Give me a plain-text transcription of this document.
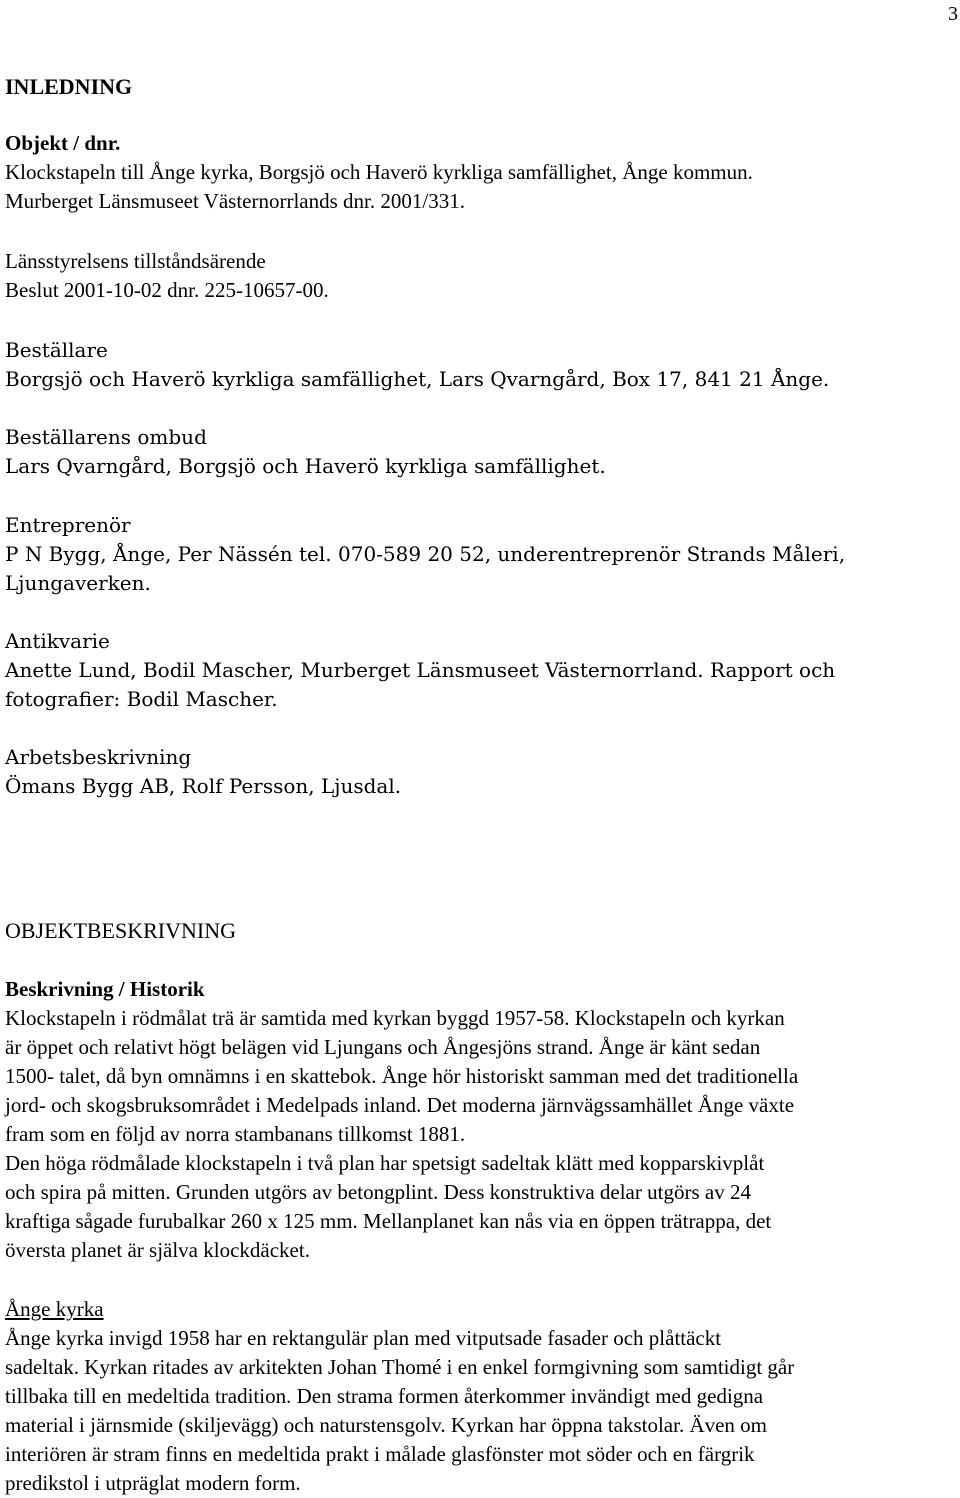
3
INLEDNING

Objekt / dnr.

Klockstapeln till Ånge kyrka, Borgsjö och Haverö kyrkliga samfällighet, Ånge kommun.

Murberget Länsmuseet Västernorrlands dnr. 2001/331.

Länsstyrelsens tillståndsärende

Beslut 2001-10-02 dnr. 225-10657-00.

Beställare

Borgsjö och Haverö kyrkliga samfällighet, Lars Qvarngård, Box 17, 841 21 Ånge.

Beställarens ombud

Lars Qvarngård, Borgsjö och Haverö kyrkliga samfällighet.

Entreprenör

P N Bygg, Ånge, Per Nässén tel. 070-589 20 52, underentreprenör Strands Måleri,

Ljungaverken.

Antikvarie

Anette Lund, Bodil Mascher, Murberget Länsmuseet Västernorrland. Rapport och

fotografier: Bodil Mascher.

Arbetsbeskrivning

Ömans Bygg AB, Rolf Persson, Ljusdal.

OBJEKTBESKRIVNING

Beskrivning / Historik

Klockstapeln i rödmålat trä är samtida med kyrkan byggd 1957-58. Klockstapeln och kyrkan

är öppet och relativt högt belägen vid Ljungans och Ångesjöns strand. Ånge är känt sedan

1500- talet, då byn omnämns i en skattebok. Ånge hör historiskt samman med det traditionella

jord- och skogsbruksområdet i Medelpads inland. Det moderna järnvägssamhället Ånge växte

fram som en följd av norra stambanans tillkomst 1881.

Den höga rödmålade klockstapeln i två plan har spetsigt sadeltak klätt med kopparskivplåt

och spira på mitten. Grunden utgörs av betongplint. Dess konstruktiva delar utgörs av 24

kraftiga sågade furubalkar 260 x 125 mm. Mellanplanet kan nås via en öppen trätrappa, det

översta planet är själva klockdäcket.

Ånge kyrka

Ånge kyrka invigd 1958 har en rektangulär plan med vitputsade fasader och plåttäckt

sadeltak. Kyrkan ritades av arkitekten Johan Thomé i en enkel formgivning som samtidigt går

tillbaka till en medeltida tradition. Den strama formen återkommer invändigt med gedigna

material i järnsmide (skiljevägg) och naturstensgolv. Kyrkan har öppna takstolar. Även om

interiören är stram finns en medeltida prakt i målade glasfönster mot söder och en färgrik

predikstol i utpräglat modern form.
